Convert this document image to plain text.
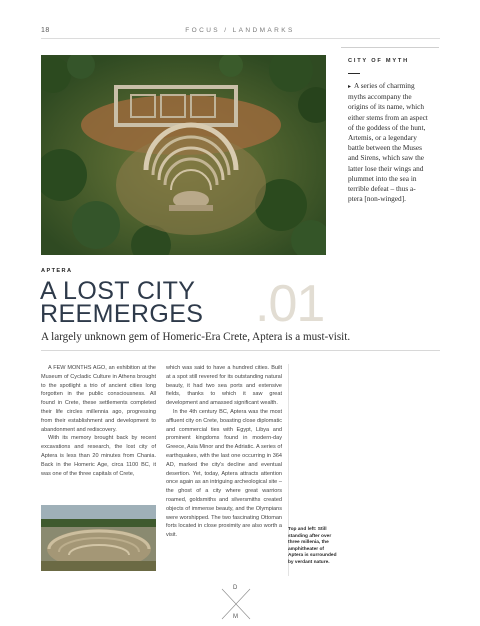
18	FOCUS / LANDMARKS
CITY OF MYTH
▸ A series of charming myths accompany the origins of its name, which either stems from an aspect of the goddess of the hunt, Artemis, or a legendary battle between the Muses and Sirens, which saw the latter lose their wings and plummet into the sea in terrible defeat – thus a-ptera [non-winged].
APTERA
.01
A LOST CITY
REEMERGES
A largely unknown gem of Homeric-Era Crete, Aptera is a must-visit.

A FEW MONTHS AGO, an exhibition at the Museum of Cycladic Culture in Athens brought to the spotlight a trio of ancient cities long forgotten in the public consciousness. All found in Crete, these settlements completed their life circles millennia ago, progressing from their establishment and development to abandonment and rediscovery.

With its memory brought back by recent excavations and research, the lost city of Aptera is less than 20 minutes from Chania. Back in the Homeric Age, circa 1100 BC, it was one of the three capitals of Crete,

which was said to have a hundred cities. Built at a spot still revered for its outstanding natural beauty, it had two sea ports and extensive fields, thanks to which it saw great development and amassed significant wealth.

In the 4th century BC, Aptera was the most affluent city on Crete, boasting close diplomatic and commercial ties with Egypt, Libya and prominent kingdoms found in modern-day Greece, Asia Minor and the Adriatic. A series of earthquakes, with the last one occurring in 364 AD, marked the city's decline and eventual desertion. Yet, today, Aptera attracts attention once again as an intriguing archeological site – the ghost of a city where great warriors roamed, goldsmiths and silversmiths created objects of immense beauty, and the Olympians were worshipped. The two fascinating Ottoman forts located in close proximity are also worth a visit.

Top and left: Still standing after over three millenia, the amphitheater of Aptera is surrounded by verdant nature.
D
M
